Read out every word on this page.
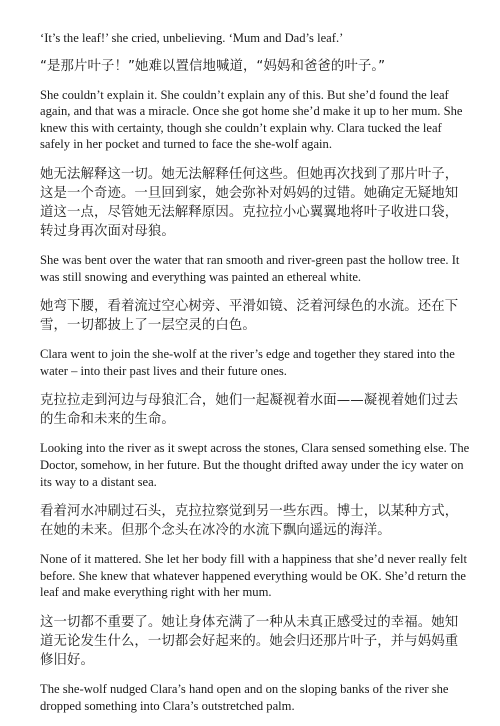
‘It’s the leaf!’ she cried, unbelieving. ‘Mum and Dad’s leaf.’

“是那片叶子！”她难以置信地喊道，“妈妈和爸爸的叶子。”

She couldn’t explain it. She couldn’t explain any of this. But she’d found the leaf again, and that was a miracle. Once she got home she’d make it up to her mum. She knew this with certainty, though she couldn’t explain why. Clara tucked the leaf safely in her pocket and turned to face the she-wolf again.

她无法解释这一切。她无法解释任何这些。但她再次找到了那片叶子，这是一个奇迹。一旦回到家，她会弥补对妈妈的过错。她确定无疑地知道这一点，尽管她无法解释原因。克拉拉小心翼翼地将叶子收进口袋，转过身再次面对母狼。

She was bent over the water that ran smooth and river-green past the hollow tree. It was still snowing and everything was painted an ethereal white.

她弯下腰，看着流过空心树旁、平滑如镜、泛着河绿色的水流。还在下雪，一切都披上了一层空灵的白色。

Clara went to join the she-wolf at the river’s edge and together they stared into the water – into their past lives and their future ones.

克拉拉走到河边与母狼汇合，她们一起凝视着水面——凝视着她们过去的生命和未来的生命。

Looking into the river as it swept across the stones, Clara sensed something else. The Doctor, somehow, in her future. But the thought drifted away under the icy water on its way to a distant sea.

看着河水冲刷过石头，克拉拉察觉到另一些东西。博士，以某种方式，在她的未来。但那个念头在冰冷的水流下飘向遥远的海洋。

None of it mattered. She let her body fill with a happiness that she’d never really felt before. She knew that whatever happened everything would be OK. She’d return the leaf and make everything right with her mum.

这一切都不重要了。她让身体充满了一种从未真正感受过的幸福。她知道无论发生什么，一切都会好起来的。她会归还那片叶子，并与妈妈重修旧好。

The she-wolf nudged Clara’s hand open and on the sloping banks of the river she dropped something into Clara’s outstretched palm.
